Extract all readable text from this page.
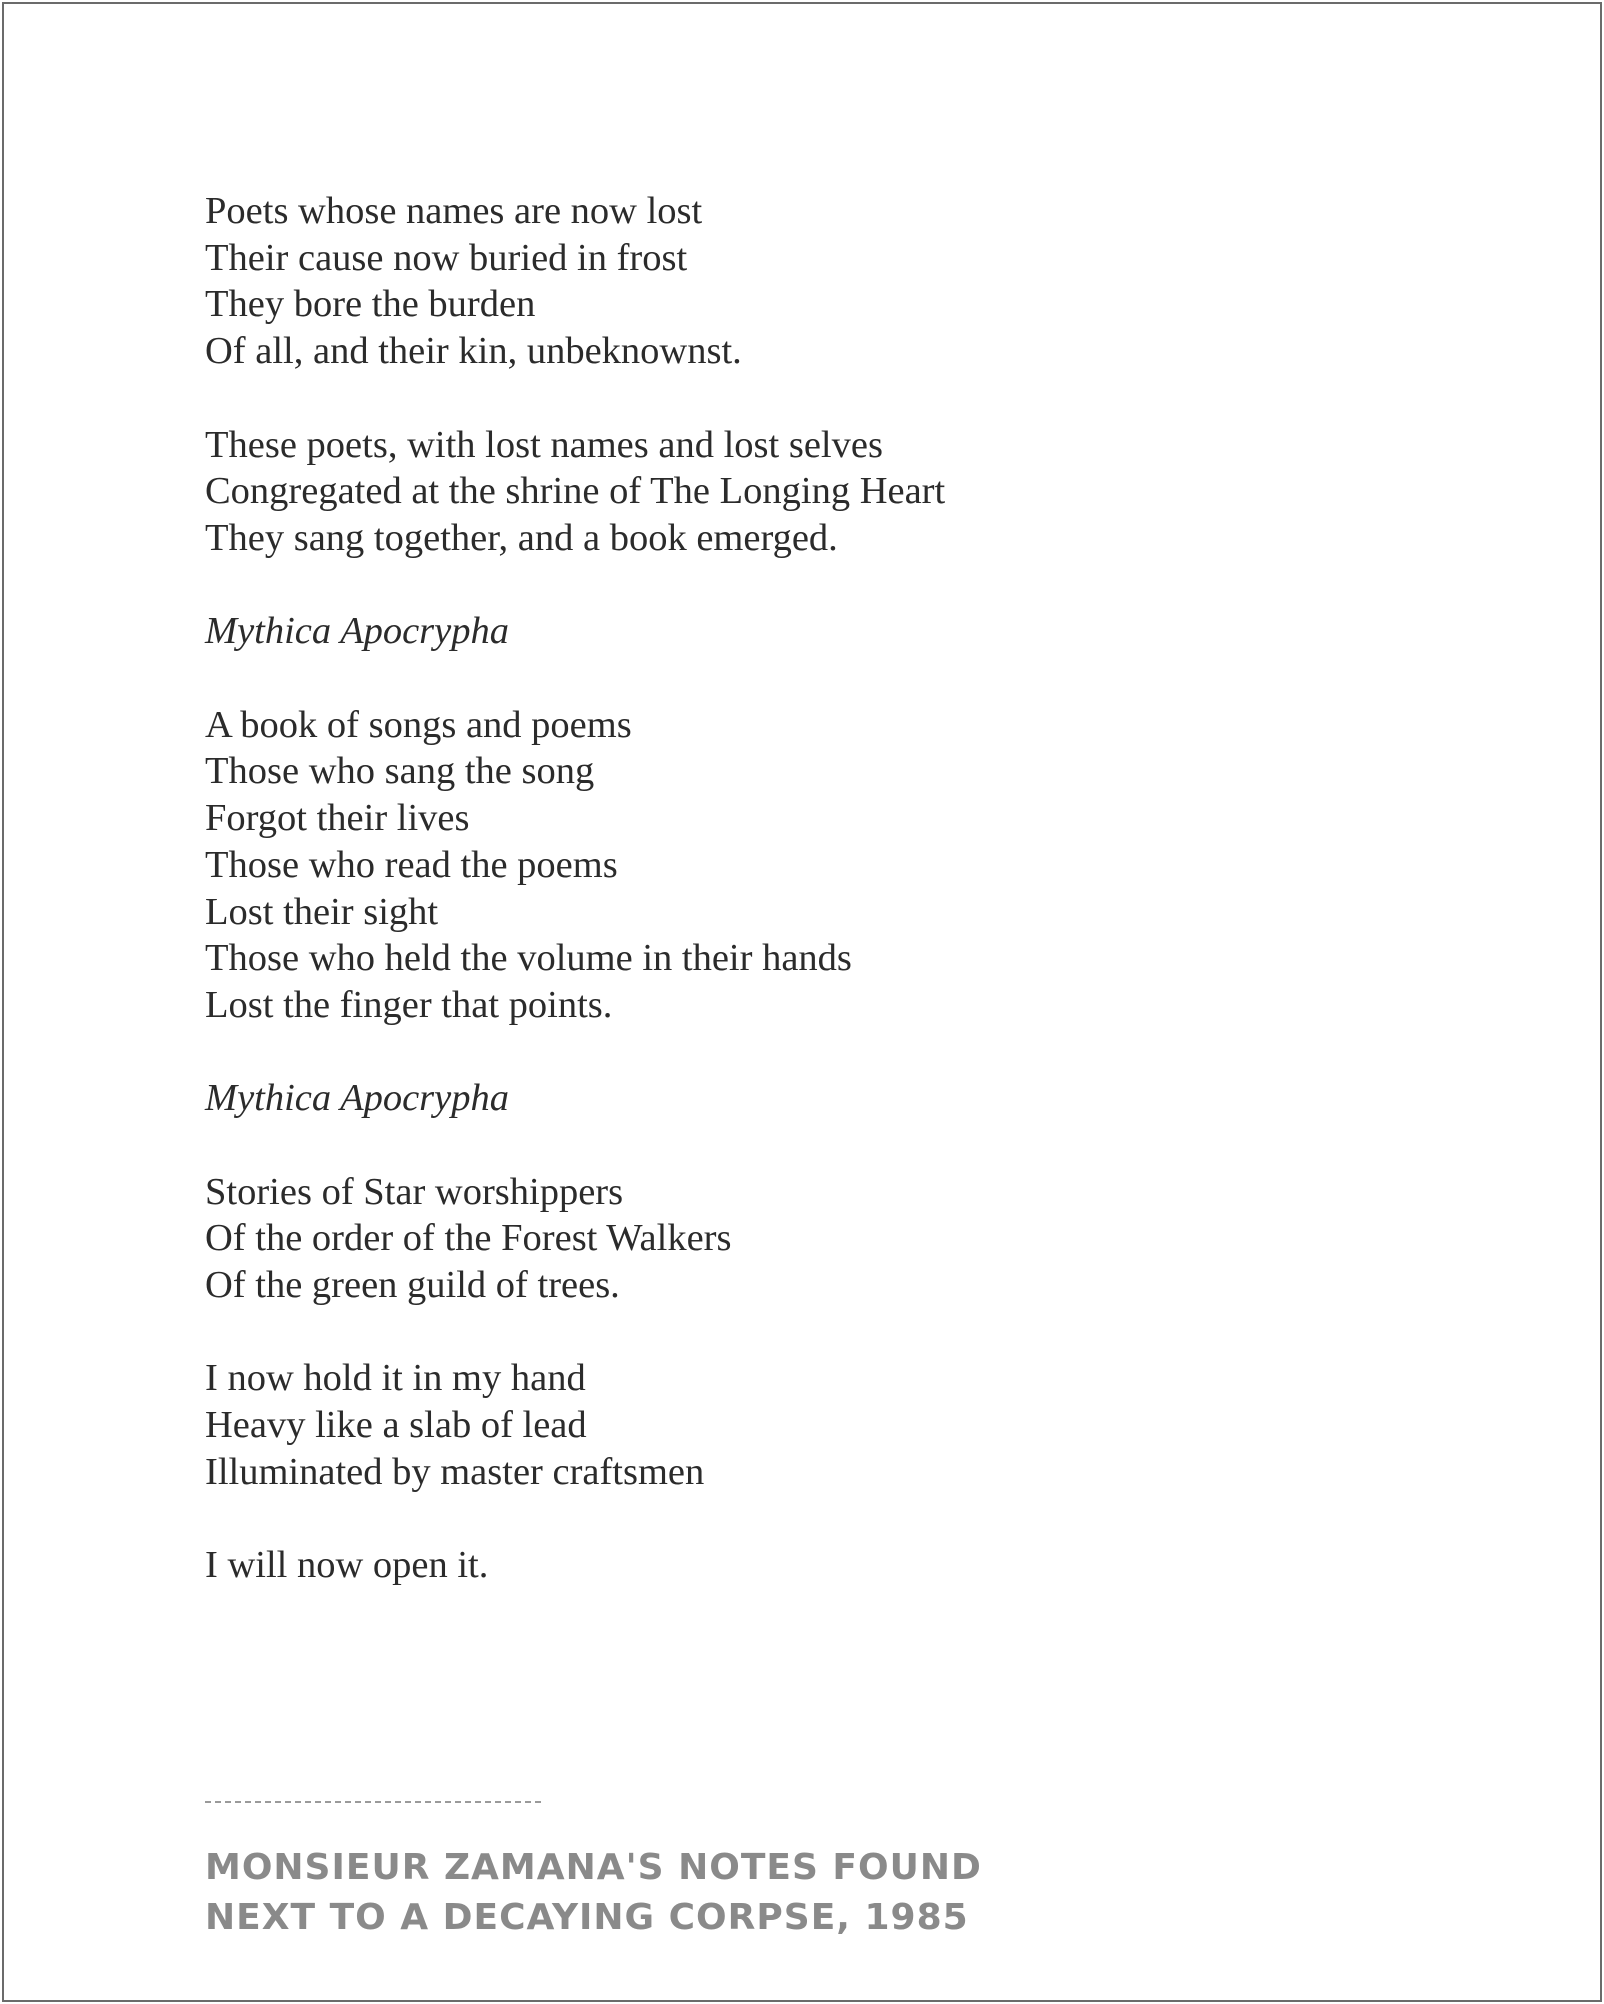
Poets whose names are now lost
Their cause now buried in frost
They bore the burden
Of all, and their kin, unbeknownst.
These poets, with lost names and lost selves
Congregated at the shrine of The Longing Heart
They sang together, and a book emerged.
Mythica Apocrypha
A book of songs and poems
Those who sang the song
Forgot their lives
Those who read the poems
Lost their sight
Those who held the volume in their hands
Lost the finger that points.
Mythica Apocrypha
Stories of Star worshippers
Of the order of the Forest Walkers
Of the green guild of trees.
I now hold it in my hand
Heavy like a slab of lead
Illuminated by master craftsmen
I will now open it.
MONSIEUR ZAMANA'S NOTES FOUND
NEXT TO A DECAYING CORPSE, 1985
